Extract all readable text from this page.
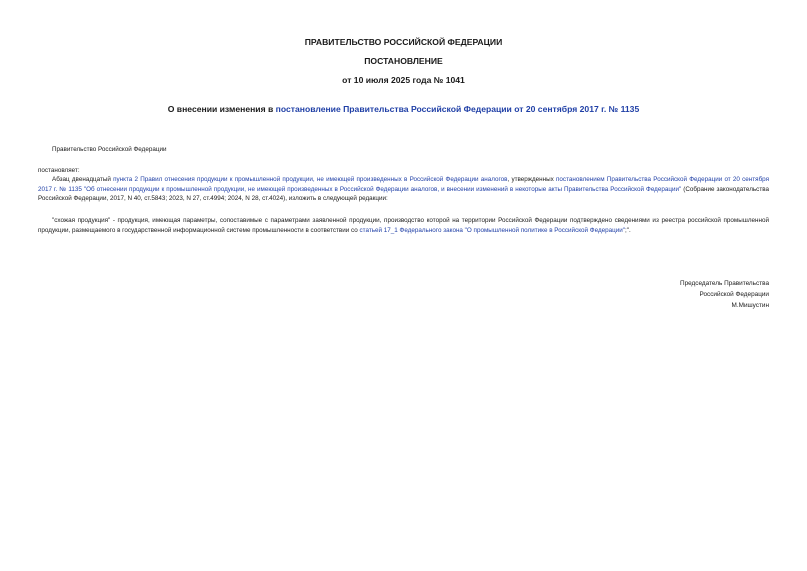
ПРАВИТЕЛЬСТВО РОССИЙСКОЙ ФЕДЕРАЦИИ
ПОСТАНОВЛЕНИЕ
от 10 июля 2025 года № 1041
О внесении изменения в постановление Правительства Российской Федерации от 20 сентября 2017 г. № 1135
Правительство Российской Федерации
постановляет:
Абзац двенадцатый пункта 2 Правил отнесения продукции к промышленной продукции, не имеющей произведенных в Российской Федерации аналогов, утвержденных постановлением Правительства Российской Федерации от 20 сентября 2017 г. № 1135 "Об отнесении продукции к промышленной продукции, не имеющей произведенных в Российской Федерации аналогов, и внесении изменений в некоторые акты Правительства Российской Федерации" (Собрание законодательства Российской Федерации, 2017, N 40, ст.5843; 2023, N 27, ст.4994; 2024, N 28, ст.4024), изложить в следующей редакции:
"схожая продукция" - продукция, имеющая параметры, сопоставимые с параметрами заявленной продукции, производство которой на территории Российской Федерации подтверждено сведениями из реестра российской промышленной продукции, размещаемого в государственной информационной системе промышленности в соответствии со статьей 17_1 Федерального закона "О промышленной политике в Российской Федерации";".
Председатель Правительства
Российской Федерации
М.Мишустин
